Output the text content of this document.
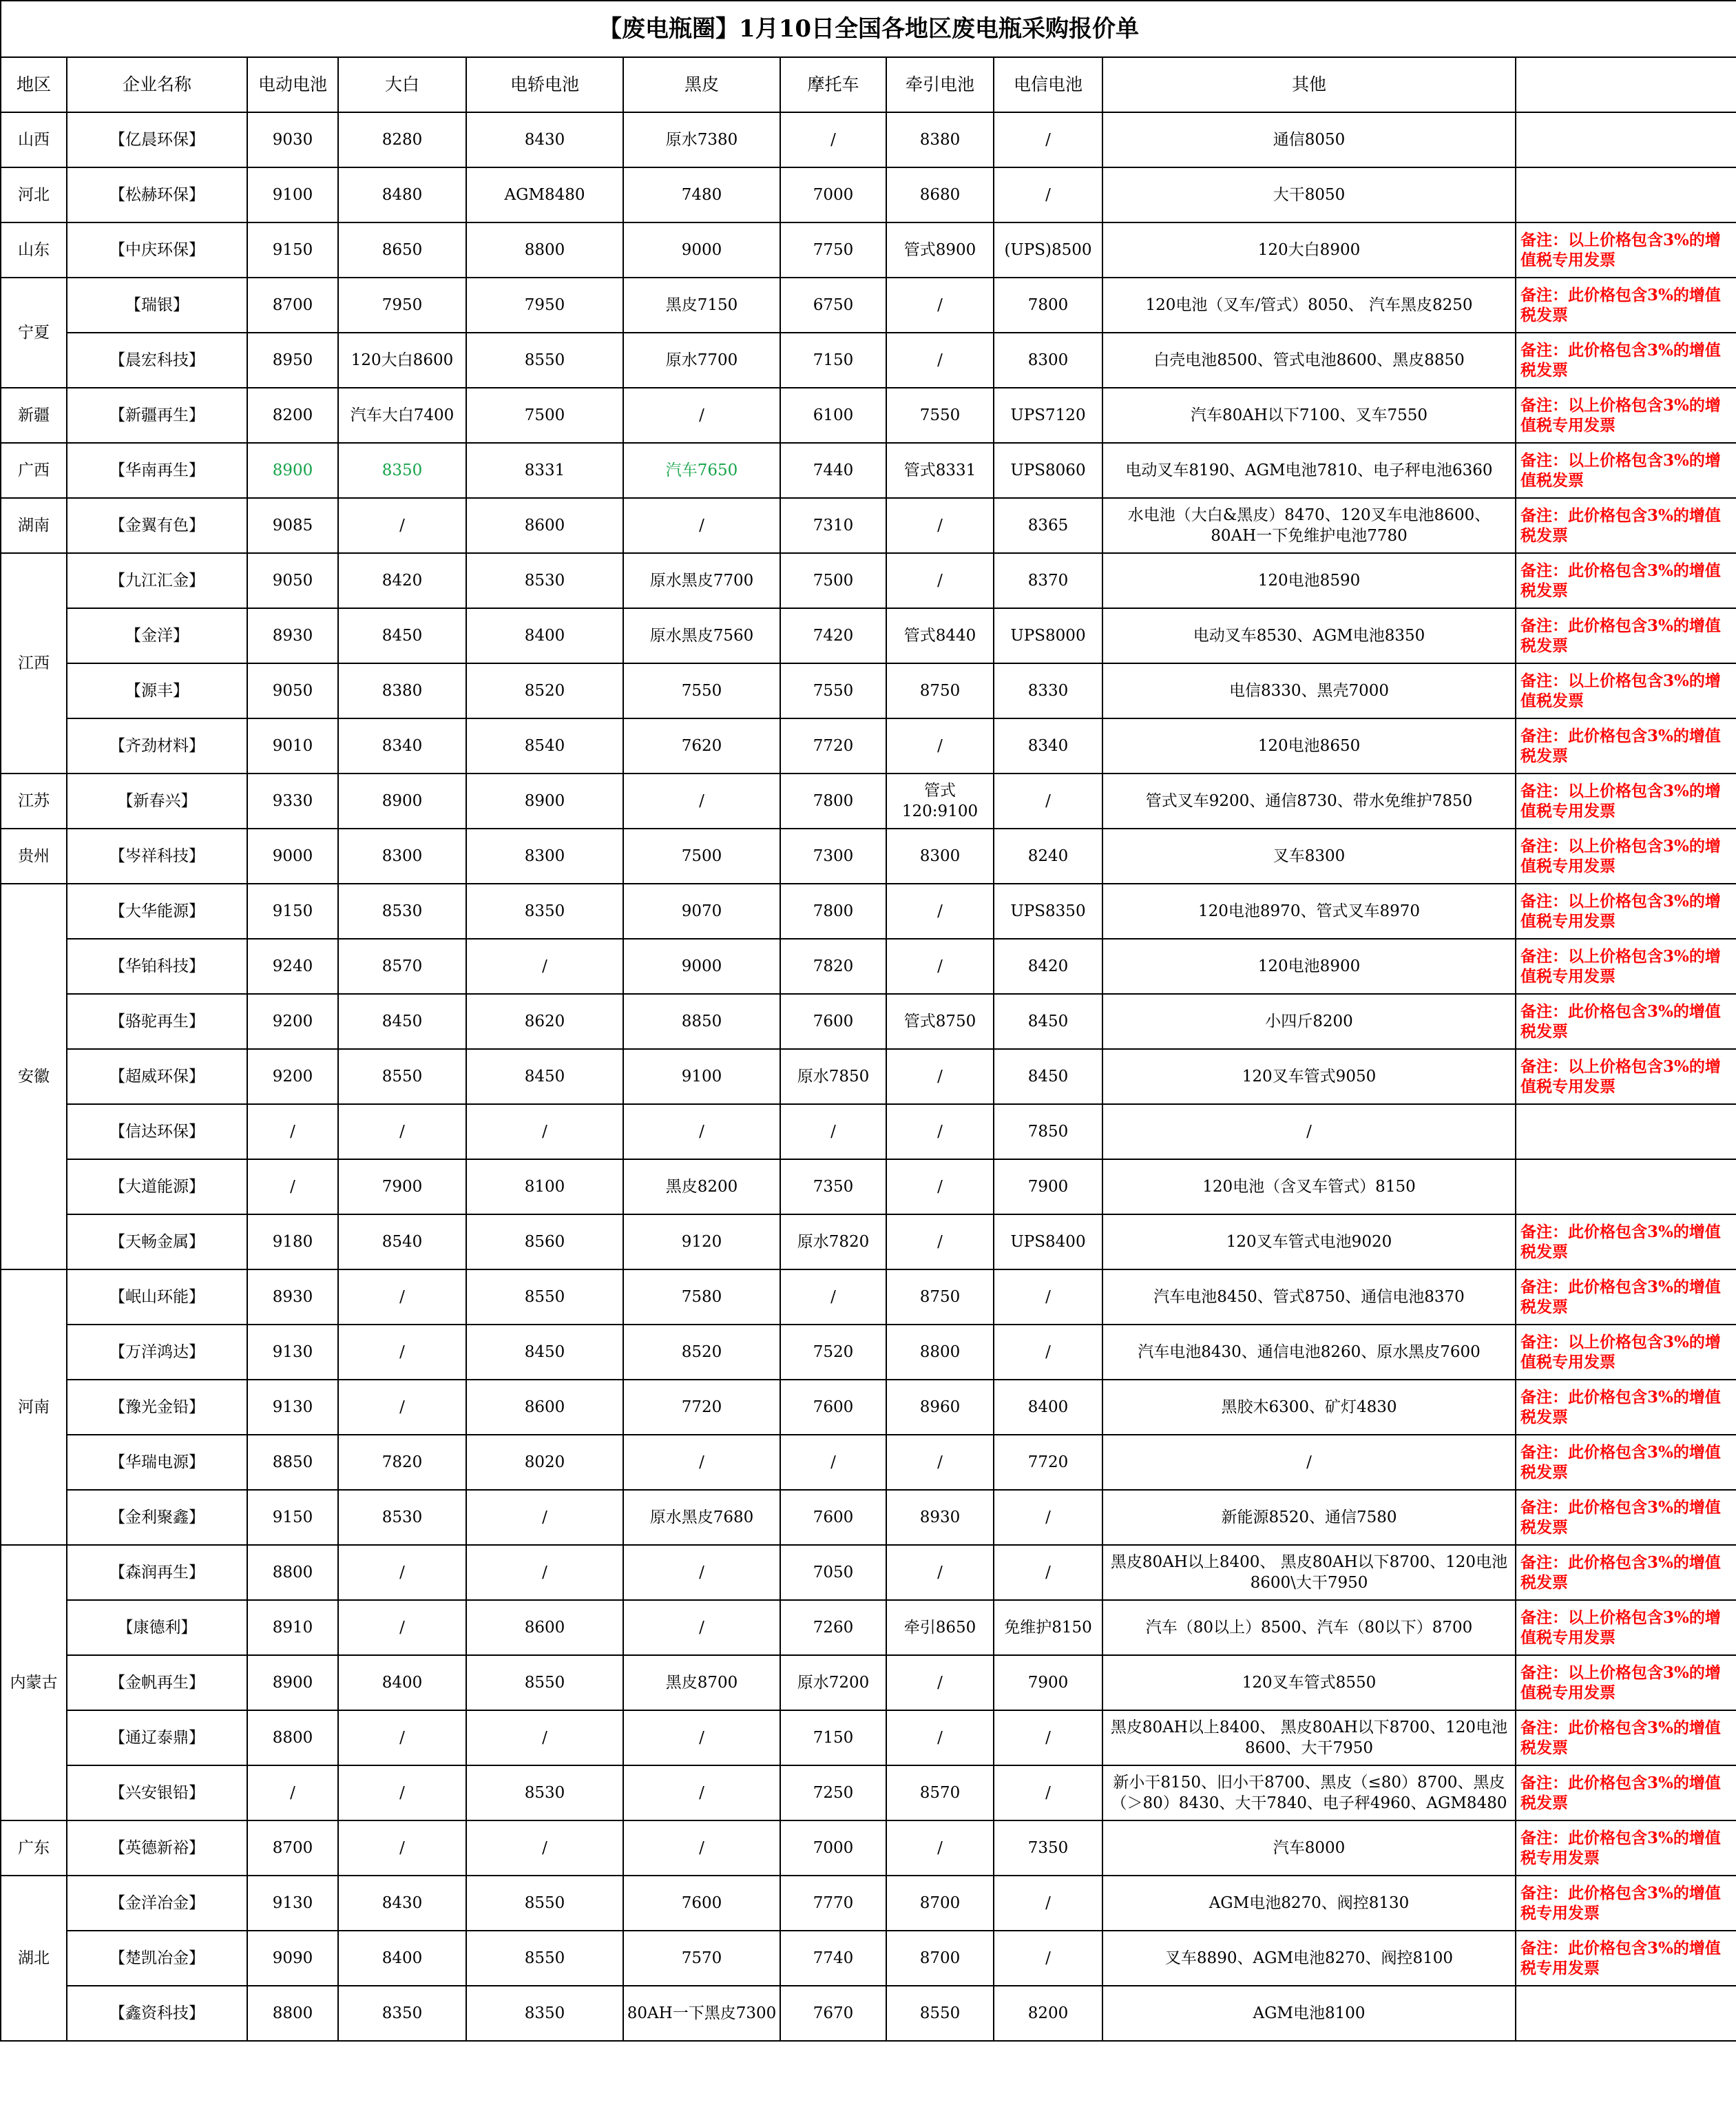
【废电瓶圈】1月10日全国各地区废电瓶采购报价单										
地区	企业名称	电动电池	大白	电轿电池	黑皮	摩托车	牵引电池	电信电池	其他	
山西	【亿晨环保】	9030	8280	8430	原水7380	/	8380	/	通信8050	
河北	【松赫环保】	9100	8480	AGM8480	7480	7000	8680	/	大干8050	
山东	【中庆环保】	9150	8650	8800	9000	7750	管式8900	(UPS)8500	120大白8900	备注：以上价格包含3%的增值税专用发票
宁夏	【瑞银】	8700	7950	7950	黑皮7150	6750	/	7800	120电池（叉车/管式）8050、 汽车黑皮8250	备注：此价格包含3%的增值税发票
	【晨宏科技】	8950	120大白8600	8550	原水7700	7150	/	8300	白壳电池8500、管式电池8600、黑皮8850	备注：此价格包含3%的增值税发票
新疆	【新疆再生】	8200	汽车大白7400	7500	/	6100	7550	UPS7120	汽车80AH以下7100、叉车7550	备注：以上价格包含3%的增值税专用发票
广西	【华南再生】	8900	8350	8331	汽车7650	7440	管式8331	UPS8060	电动叉车8190、AGM电池7810、电子秤电池6360	备注：以上价格包含3%的增值税发票
湖南	【金翼有色】	9085	/	8600	/	7310	/	8365	水电池（大白&黑皮）8470、120叉车电池8600、80AH一下免维护电池7780	备注：此价格包含3%的增值税发票
江西	【九江汇金】	9050	8420	8530	原水黑皮7700	7500	/	8370	120电池8590	备注：此价格包含3%的增值税发票
	【金洋】	8930	8450	8400	原水黑皮7560	7420	管式8440	UPS8000	电动叉车8530、AGM电池8350	备注：此价格包含3%的增值税发票
	【源丰】	9050	8380	8520	7550	7550	8750	8330	电信8330、黑壳7000	备注：以上价格包含3%的增值税发票
	【齐劲材料】	9010	8340	8540	7620	7720	/	8340	120电池8650	备注：此价格包含3%的增值税发票
江苏	【新春兴】	9330	8900	8900	/	7800	管式120:9100	/	管式叉车9200、通信8730、带水免维护7850	备注：以上价格包含3%的增值税专用发票
贵州	【岑祥科技】	9000	8300	8300	7500	7300	8300	8240	叉车8300	备注：以上价格包含3%的增值税专用发票
安徽	【大华能源】	9150	8530	8350	9070	7800	/	UPS8350	120电池8970、管式叉车8970	备注：以上价格包含3%的增值税专用发票
	【华铂科技】	9240	8570	/	9000	7820	/	8420	120电池8900	备注：以上价格包含3%的增值税专用发票
	【骆驼再生】	9200	8450	8620	8850	7600	管式8750	8450	小四斤8200	备注：此价格包含3%的增值税发票
	【超威环保】	9200	8550	8450	9100	原水7850	/	8450	120叉车管式9050	备注：以上价格包含3%的增值税专用发票
	【信达环保】	/	/	/	/	/	/	7850	/	
	【大道能源】	/	7900	8100	黑皮8200	7350	/	7900	120电池（含叉车管式）8150	
	【天畅金属】	9180	8540	8560	9120	原水7820	/	UPS8400	120叉车管式电池9020	备注：此价格包含3%的增值税发票
河南	【岷山环能】	8930	/	8550	7580	/	8750	/	汽车电池8450、管式8750、通信电池8370	备注：此价格包含3%的增值税发票
	【万洋鸿达】	9130	/	8450	8520	7520	8800	/	汽车电池8430、通信电池8260、原水黑皮7600	备注：以上价格包含3%的增值税专用发票
	【豫光金铅】	9130	/	8600	7720	7600	8960	8400	黑胶木6300、矿灯4830	备注：此价格包含3%的增值税发票
	【华瑞电源】	8850	7820	8020	/	/	/	7720	/	备注：此价格包含3%的增值税发票
	【金利聚鑫】	9150	8530	/	原水黑皮7680	7600	8930	/	新能源8520、通信7580	备注：此价格包含3%的增值税发票
内蒙古	【森润再生】	8800	/	/	/	7050	/	/	黑皮80AH以上8400、 黑皮80AH以下8700、120电池8600\大干7950	备注：此价格包含3%的增值税发票
	【康德利】	8910	/	8600	/	7260	牵引8650	免维护8150	汽车（80以上）8500、汽车（80以下）8700	备注：以上价格包含3%的增值税专用发票
	【金帆再生】	8900	8400	8550	黑皮8700	原水7200	/	7900	120叉车管式8550	备注：以上价格包含3%的增值税专用发票
	【通辽泰鼎】	8800	/	/	/	7150	/	/	黑皮80AH以上8400、 黑皮80AH以下8700、120电池8600、大干7950	备注：此价格包含3%的增值税发票
	【兴安银铅】	/	/	8530	/	7250	8570	/	新小干8150、旧小干8700、黑皮（≤80）8700、黑皮（＞80）8430、大干7840、电子秤4960、AGM8480	备注：此价格包含3%的增值税发票
广东	【英德新裕】	8700	/	/	/	7000	/	7350	汽车8000	备注：此价格包含3%的增值税专用发票
湖北	【金洋冶金】	9130	8430	8550	7600	7770	8700	/	AGM电池8270、阀控8130	备注：此价格包含3%的增值税专用发票
	【楚凯冶金】	9090	8400	8550	7570	7740	8700	/	叉车8890、AGM电池8270、阀控8100	备注：此价格包含3%的增值税专用发票
	【鑫资科技】	8800	8350	8350	80AH一下黑皮7300	7670	8550	8200	AGM电池8100	
